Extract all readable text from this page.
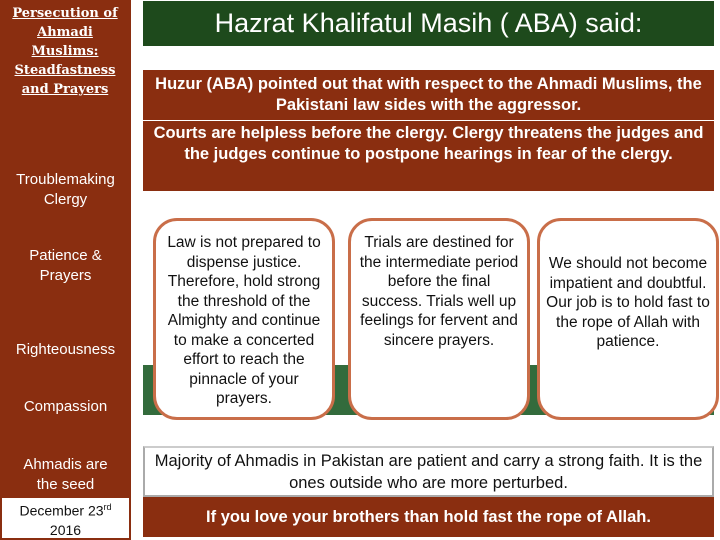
Persecution of Ahmadi Muslims: Steadfastness and Prayers
Troublemaking Clergy
Patience & Prayers
Righteousness
Compassion
Ahmadis are the seed
December 23rd
2016
Hazrat Khalifatul Masih ( ABA) said:
Huzur (ABA) pointed out that with respect to the Ahmadi Muslims, the Pakistani law sides with the aggressor.
Courts are helpless before the clergy. Clergy threatens the judges and the judges continue to postpone hearings in fear of the clergy.
Law is not prepared to dispense justice. Therefore, hold strong the threshold of the Almighty and continue to make a concerted effort to reach the pinnacle of your prayers.
Trials are destined for the intermediate period before the final success. Trials well up feelings for fervent and sincere prayers.
We should not become impatient and doubtful. Our job is to hold fast to the rope of Allah with patience.
Majority of Ahmadis in Pakistan are patient and carry a strong faith. It is the ones outside who are more perturbed.
If you love your brothers than hold fast the rope of Allah.
